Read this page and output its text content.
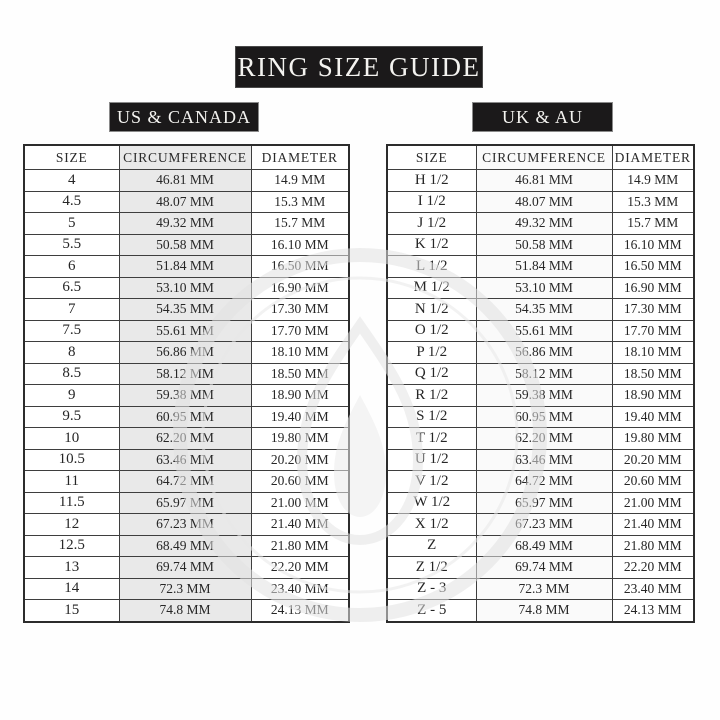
RING SIZE GUIDE
US & CANADA	UK & AU
SIZE	CIRCUMFERENCE	DIAMETER
4	46.81 MM	14.9 MM
4.5	48.07 MM	15.3 MM
5	49.32 MM	15.7 MM
5.5	50.58 MM	16.10 MM
6	51.84 MM	16.50 MM
6.5	53.10 MM	16.90 MM
7	54.35 MM	17.30 MM
7.5	55.61 MM	17.70 MM
8	56.86 MM	18.10 MM
8.5	58.12 MM	18.50 MM
9	59.38 MM	18.90 MM
9.5	60.95 MM	19.40 MM
10	62.20 MM	19.80 MM
10.5	63.46 MM	20.20 MM
11	64.72 MM	20.60 MM
11.5	65.97 MM	21.00 MM
12	67.23 MM	21.40 MM
12.5	68.49 MM	21.80 MM
13	69.74 MM	22.20 MM
14	72.3 MM	23.40 MM
15	74.8 MM	24.13 MM
SIZE	CIRCUMFERENCE	DIAMETER
H 1/2	46.81 MM	14.9 MM
I 1/2	48.07 MM	15.3 MM
J 1/2	49.32 MM	15.7 MM
K 1/2	50.58 MM	16.10 MM
L 1/2	51.84 MM	16.50 MM
M 1/2	53.10 MM	16.90 MM
N 1/2	54.35 MM	17.30 MM
O 1/2	55.61 MM	17.70 MM
P 1/2	56.86 MM	18.10 MM
Q 1/2	58.12 MM	18.50 MM
R 1/2	59.38 MM	18.90 MM
S 1/2	60.95 MM	19.40 MM
T 1/2	62.20 MM	19.80 MM
U 1/2	63.46 MM	20.20 MM
V 1/2	64.72 MM	20.60 MM
W 1/2	65.97 MM	21.00 MM
X 1/2	67.23 MM	21.40 MM
Z	68.49 MM	21.80 MM
Z 1/2	69.74 MM	22.20 MM
Z - 3	72.3 MM	23.40 MM
Z - 5	74.8 MM	24.13 MM
